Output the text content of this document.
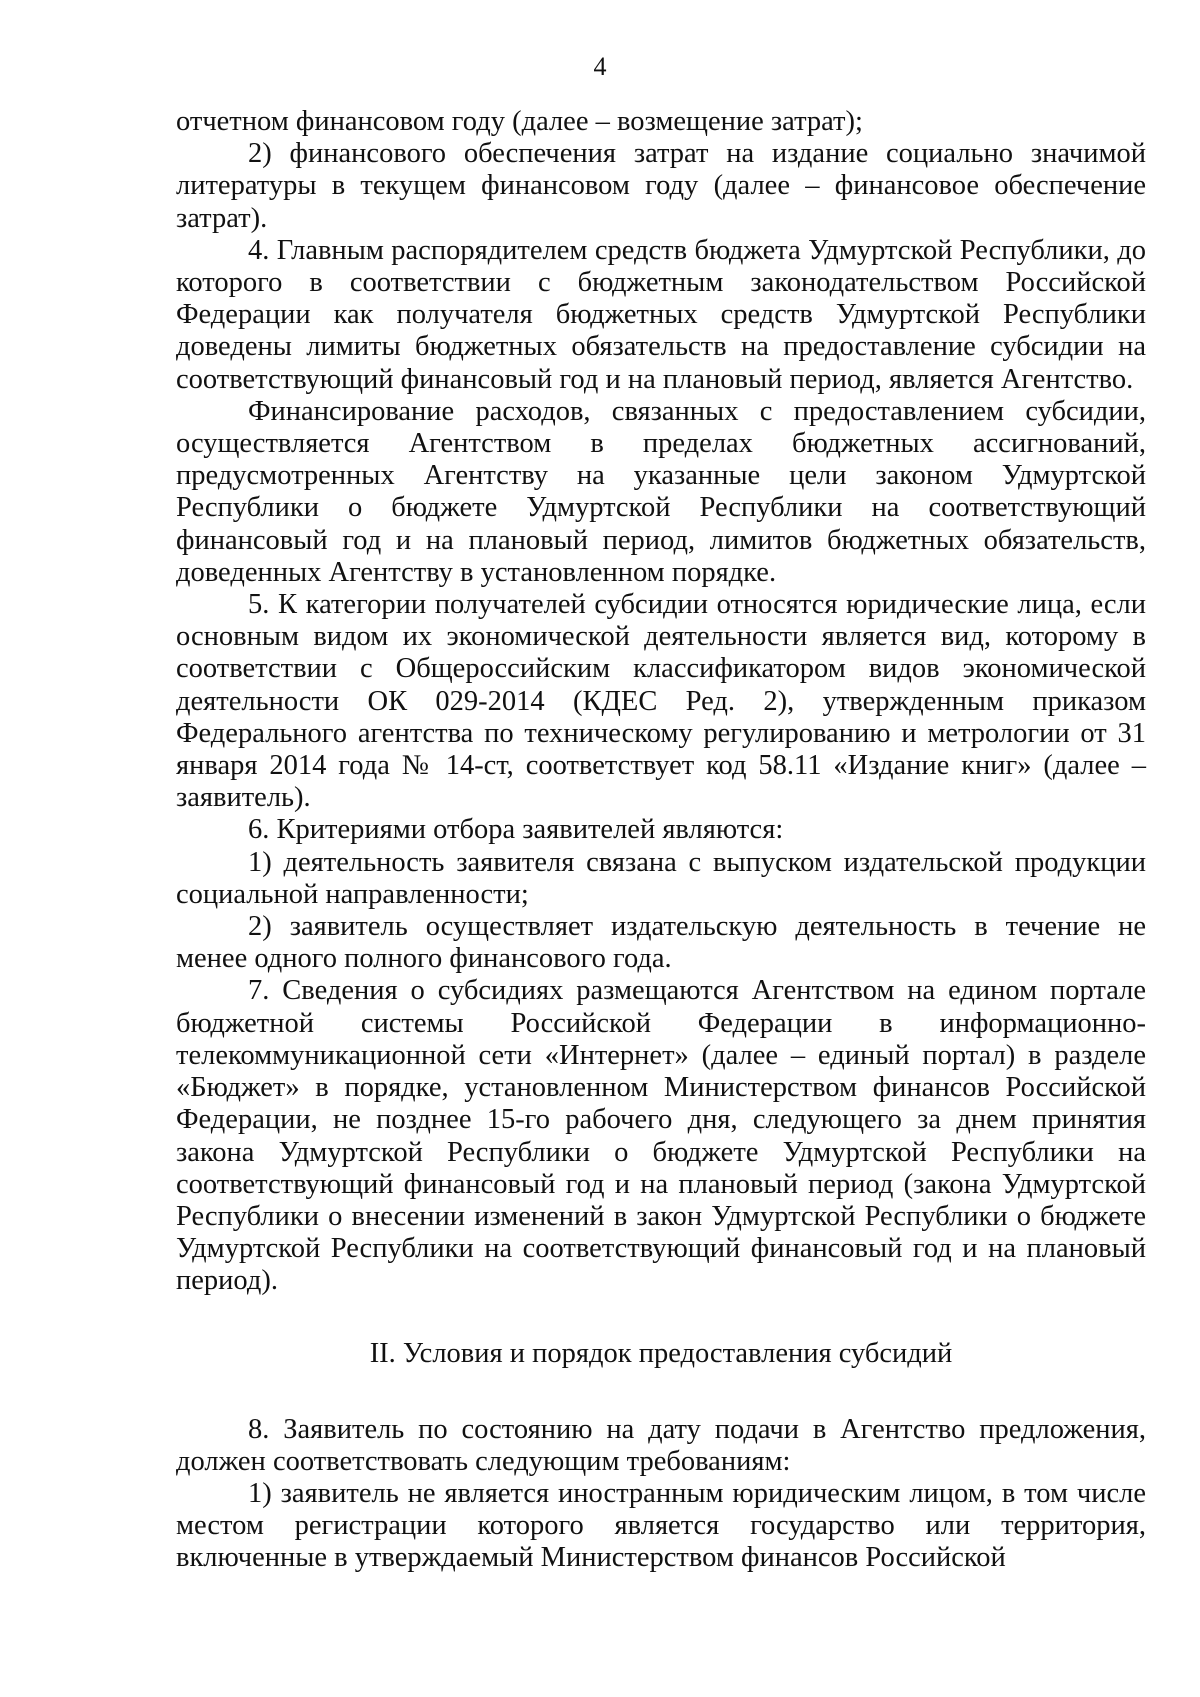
4

отчетном финансовом году (далее – возмещение затрат);

2) финансового обеспечения затрат на издание социально значимой литературы в текущем финансовом году (далее – финансовое обеспечение затрат).

4. Главным распорядителем средств бюджета Удмуртской Республики, до которого в соответствии с бюджетным законодательством Российской Федерации как получателя бюджетных средств Удмуртской Республики доведены лимиты бюджетных обязательств на предоставление субсидии на соответствующий финансовый год и на плановый период, является Агентство.

Финансирование расходов, связанных с предоставлением субсидии, осуществляется Агентством в пределах бюджетных ассигнований, предусмотренных Агентству на указанные цели законом Удмуртской Республики о бюджете Удмуртской Республики на соответствующий финансовый год и на плановый период, лимитов бюджетных обязательств, доведенных Агентству в установленном порядке.

5. К категории получателей субсидии относятся юридические лица, если основным видом их экономической деятельности является вид, которому в соответствии с Общероссийским классификатором видов экономической деятельности ОК 029-2014 (КДЕС Ред. 2), утвержденным приказом Федерального агентства по техническому регулированию и метрологии от 31 января 2014 года № 14-ст, соответствует код 58.11 «Издание книг» (далее – заявитель).

6. Критериями отбора заявителей являются:

1) деятельность заявителя связана с выпуском издательской продукции социальной направленности;

2) заявитель осуществляет издательскую деятельность в течение не менее одного полного финансового года.

7. Сведения о субсидиях размещаются Агентством на едином портале бюджетной системы Российской Федерации в информационно-телекоммуникационной сети «Интернет» (далее – единый портал) в разделе «Бюджет» в порядке, установленном Министерством финансов Российской Федерации, не позднее 15-го рабочего дня, следующего за днем принятия закона Удмуртской Республики о бюджете Удмуртской Республики на соответствующий финансовый год и на плановый период (закона Удмуртской Республики о внесении изменений в закон Удмуртской Республики о бюджете Удмуртской Республики на соответствующий финансовый год и на плановый период).

II. Условия и порядок предоставления субсидий

8. Заявитель по состоянию на дату подачи в Агентство предложения, должен соответствовать следующим требованиям:

1) заявитель не является иностранным юридическим лицом, в том числе местом регистрации которого является государство или территория, включенные в утверждаемый Министерством финансов Российской
